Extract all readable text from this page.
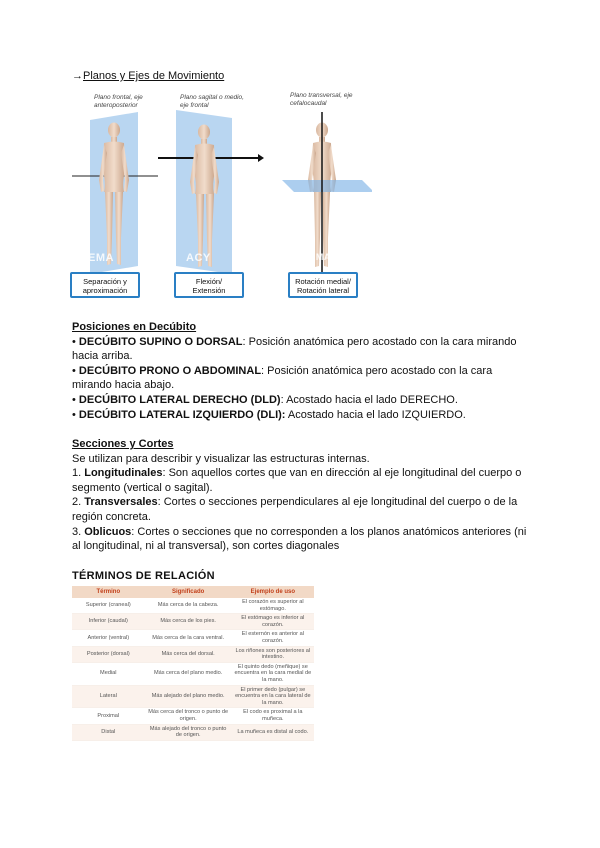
→Planos y Ejes de Movimiento
Plano frontal, eje anteroposterior
Plano sagital o medio, eje frontal
Plano transversal, eje cefalocaudal
EMA	ACY	OTOSEMARCH.com
Separación y
aproximación
Flexión/
Extensión
Rotación medial/
Rotación lateral

Posiciones en Decúbito

• DECÚBITO SUPINO O DORSAL: Posición anatómica pero acostado con la cara mirando hacia arriba.

• DECÚBITO PRONO O ABDOMINAL: Posición anatómica pero acostado con la cara mirando hacia abajo.

• DECÚBITO LATERAL DERECHO (DLD): Acostado hacia el lado DERECHO.

• DECÚBITO LATERAL IZQUIERDO (DLI): Acostado hacia el lado IZQUIERDO.

Secciones y Cortes

Se utilizan para describir y visualizar las estructuras internas.

1. Longitudinales: Son aquellos cortes que van en dirección al eje longitudinal del cuerpo o segmento (vertical o sagital).

2. Transversales: Cortes o secciones perpendiculares al eje longitudinal del cuerpo o de la región concreta.

3. Oblicuos: Cortes o secciones que no corresponden a los planos anatómicos anteriores (ni al longitudinal, ni al transversal), son cortes diagonales

TÉRMINOS DE RELACIÓN
Término	Significado	Ejemplo de uso
Superior (craneal)	Más cerca de la cabeza.	El corazón es superior al estómago.
Inferior (caudal)	Más cerca de los pies.	El estómago es inferior al corazón.
Anterior (ventral)	Más cerca de la cara ventral.	El esternón es anterior al corazón.
Posterior (dorsal)	Más cerca del dorsal.	Los riñones son posteriores al intestino.
Medial	Más cerca del plano medio.	El quinto dedo (meñique) se encuentra en la cara medial de la mano.
Lateral	Más alejado del plano medio.	El primer dedo (pulgar) se encuentra en la cara lateral de la mano.
Proximal	Más cerca del tronco o punto de origen.	El codo es proximal a la muñeca.
Distal	Más alejado del tronco o punto de origen.	La muñeca es distal al codo.
